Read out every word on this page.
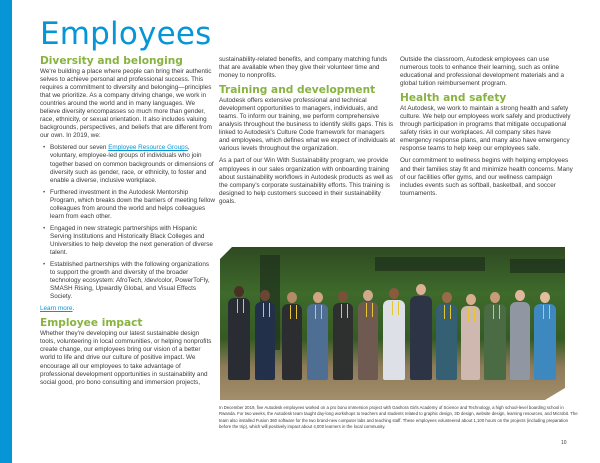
Employees
Diversity and belonging

We're building a place where people can bring their authentic selves to achieve personal and professional success. This requires a commitment to diversity and belonging—principles that we prioritize. As a company driving change, we work in countries around the world and in many languages. We believe diversity encompasses so much more than gender, race, ethnicity, or sexual orientation. It also includes valuing backgrounds, perspectives, and beliefs that are different from our own. In 2019, we:

• Bolstered our seven Employee Resource Groups, voluntary, employee-led groups of individuals who join together based on common backgrounds or dimensions of diversity such as gender, race, or ethnicity, to foster and enable a diverse, inclusive workplace.
• Furthered investment in the Autodesk Mentorship Program, which breaks down the barriers of meeting fellow colleagues from around the world and helps colleagues learn from each other.
• Engaged in new strategic partnerships with Hispanic Serving Institutions and Historically Black Colleges and Universities to help develop the next generation of diverse talent.
• Established partnerships with the following organizations to support the growth and diversity of the broader technology ecosystem: AfroTech, /dev/color, PowerToFly, SMASH Rising, Upwardly Global, and Visual Effects Society.

Learn more.

Employee impact

Whether they're developing our latest sustainable design tools, volunteering in local communities, or helping nonprofits create change, our employees bring our vision of a better world to life and drive our culture of positive impact. We encourage all our employees to take advantage of professional development opportunities in sustainability and social good, pro bono consulting and immersion projects,

sustainability-related benefits, and company matching funds that are available when they give their volunteer time and money to nonprofits.

Training and development

Autodesk offers extensive professional and technical development opportunities to managers, individuals, and teams. To inform our training, we perform comprehensive analysis throughout the business to identify skills gaps. This is linked to Autodesk's Culture Code framework for managers and employees, which defines what we expect of individuals at various levels throughout the organization.

As a part of our Win With Sustainability program, we provide employees in our sales organization with onboarding training about sustainability workflows in Autodesk products as well as the company's corporate sustainability efforts. This training is designed to help customers succeed in their sustainability goals.

Outside the classroom, Autodesk employees can use numerous tools to enhance their learning, such as online educational and professional development materials and a global tuition reimbursement program.

Health and safety

At Autodesk, we work to maintain a strong health and safety culture. We help our employees work safely and productively through participation in programs that mitigate occupational safety risks in our workplaces. All company sites have emergency response plans, and many also have emergency response teams to help keep our employees safe.

Our commitment to wellness begins with helping employees and their families stay fit and minimize health concerns. Many of our facilities offer gyms, and our wellness campaign includes events such as softball, basketball, and soccer tournaments.

In December 2019, five Autodesk employees worked on a pro bono immersion project with Gashora Girls Academy of Science and Technology, a high school-level boarding school in Rwanda. For two weeks, the Autodesk team taught day-long workshops to teachers and students related to graphic design, 3D design, website design, learning resources, and Microbit. The team also installed Fusion 360 software for the two brand-new computer labs and teaching staff. These employees volunteered about 1,100 hours on the projects (including preparation before the trip), which will positively impact about 4,000 learners in the local community.
10
